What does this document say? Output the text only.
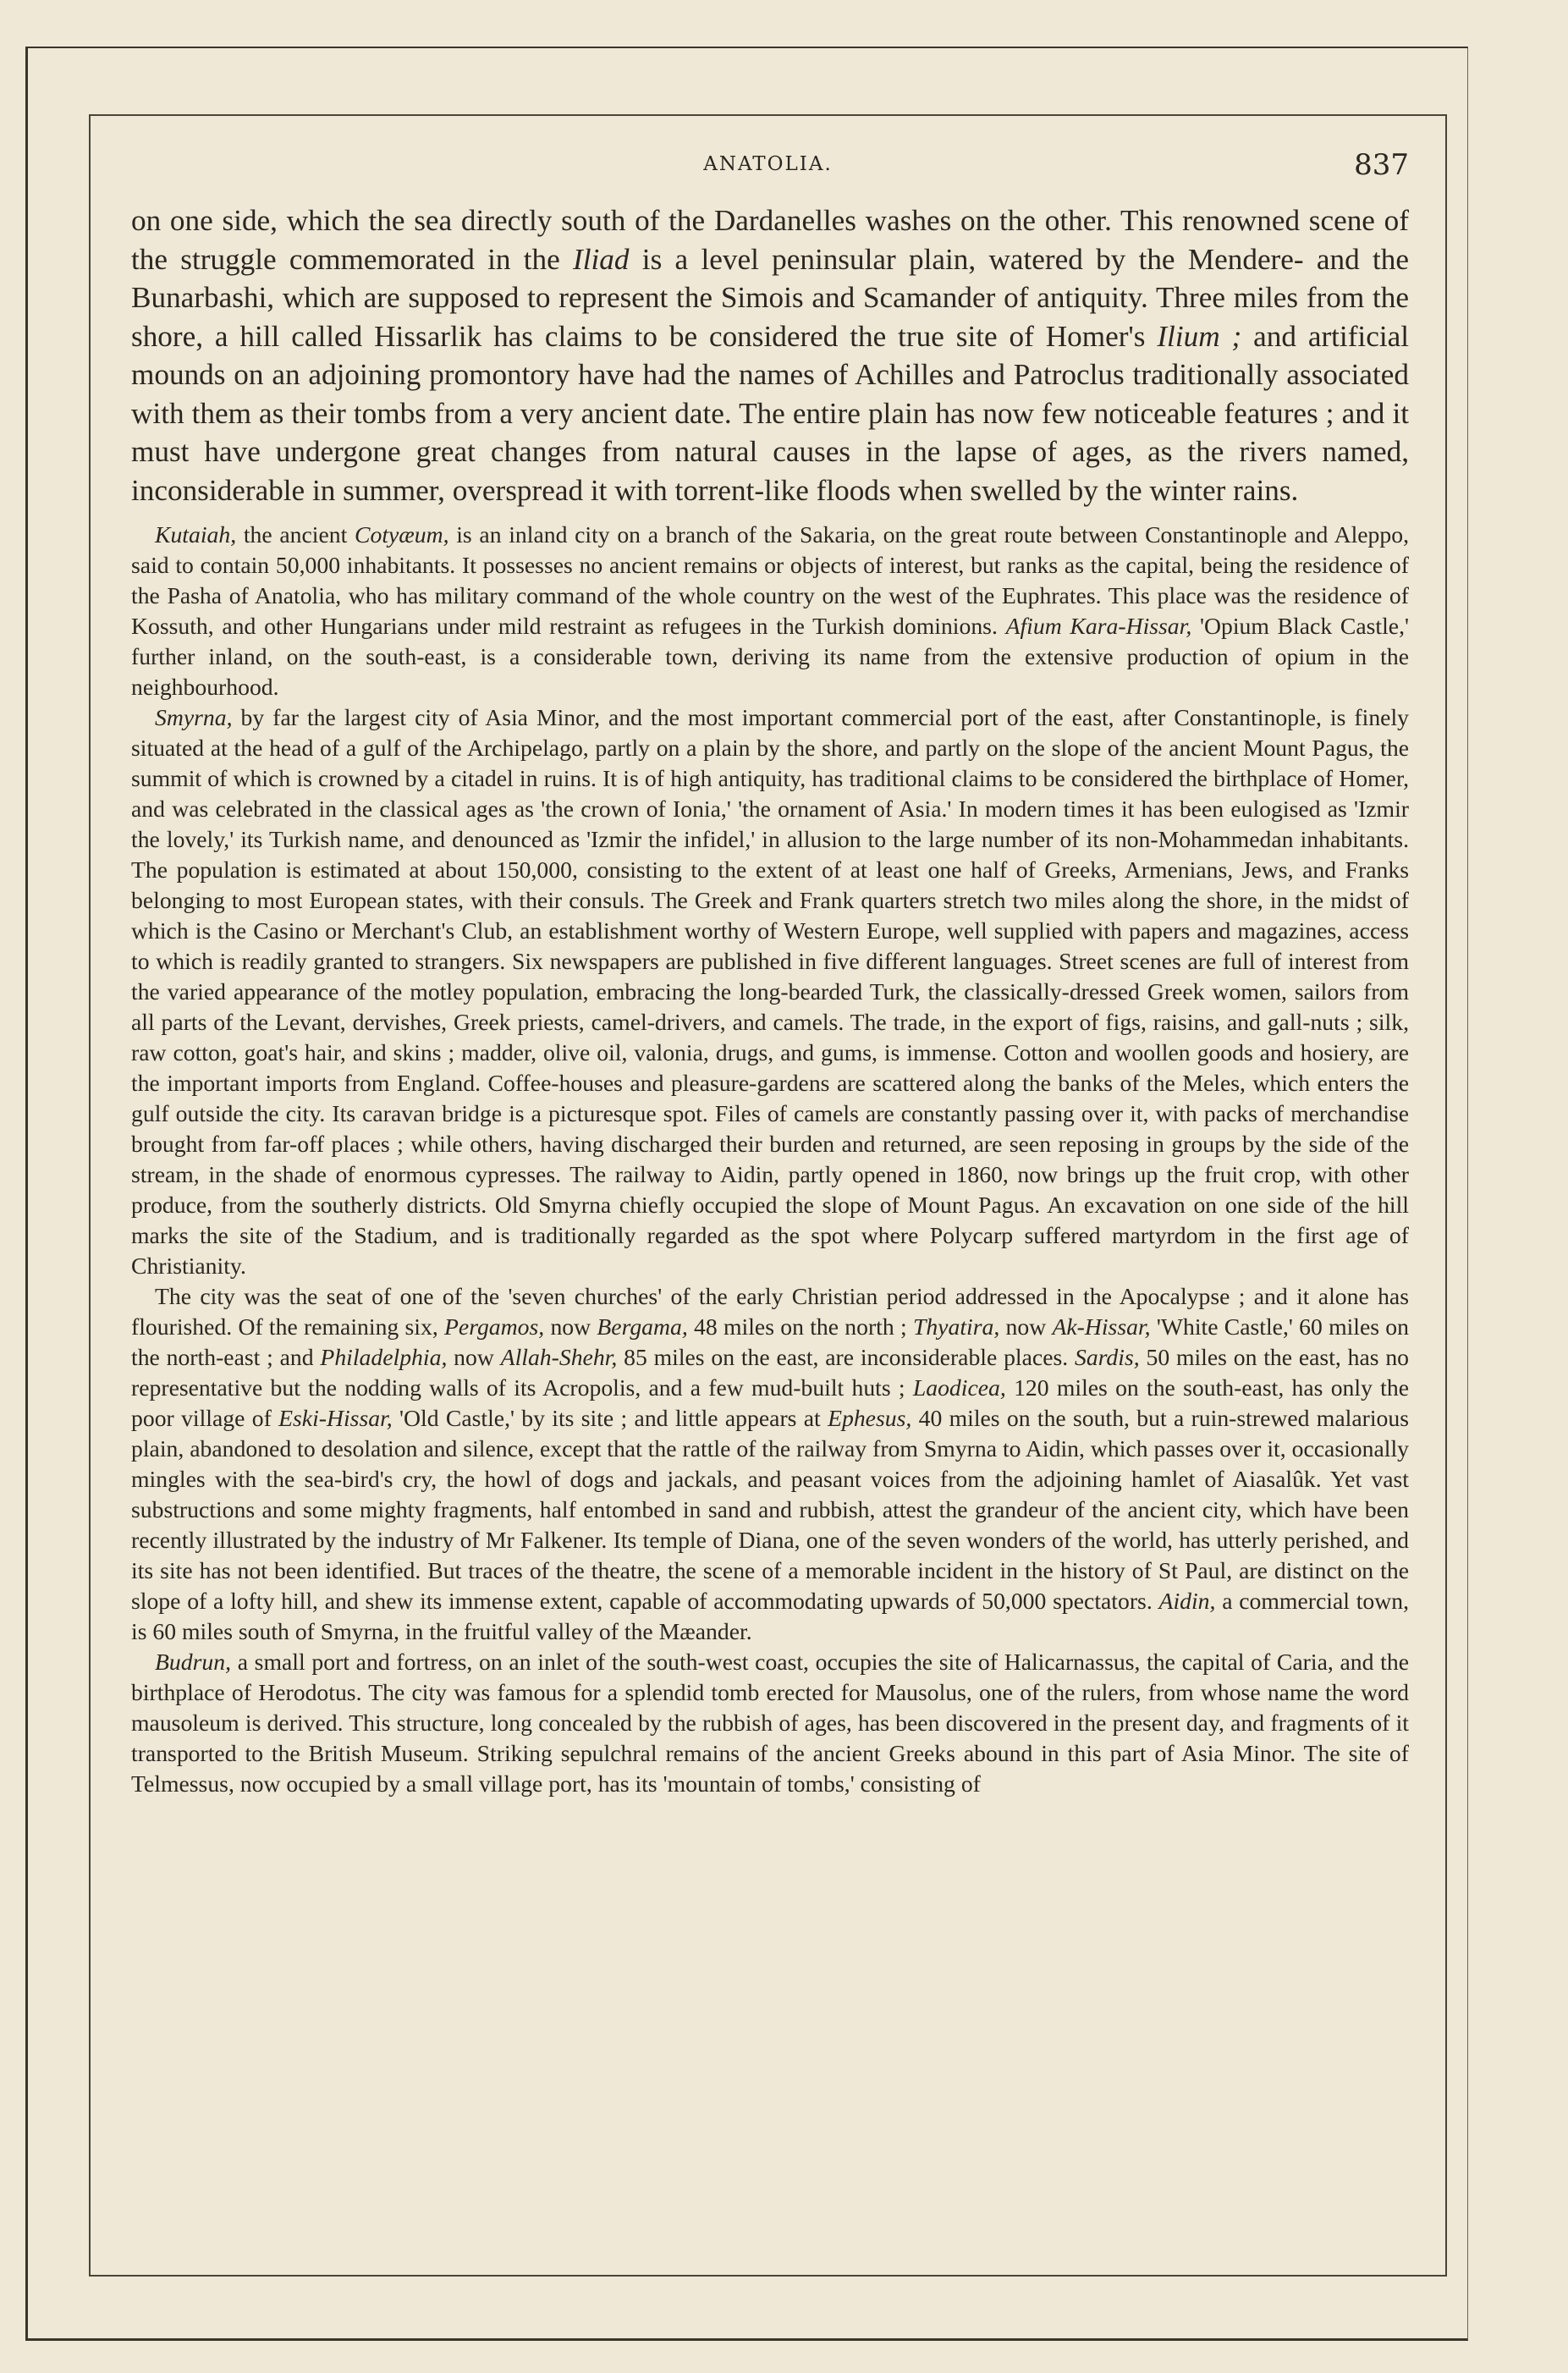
ANATOLIA.	837

on one side, which the sea directly south of the Dardanelles washes on the other. This renowned scene of the struggle commemorated in the Iliad is a level peninsular plain, watered by the Mendere- and the Bunarbashi, which are supposed to represent the Simois and Scamander of antiquity. Three miles from the shore, a hill called Hissarlik has claims to be considered the true site of Homer's Ilium ; and artificial mounds on an adjoining promontory have had the names of Achilles and Patroclus traditionally associated with them as their tombs from a very ancient date. The entire plain has now few noticeable features ; and it must have undergone great changes from natural causes in the lapse of ages, as the rivers named, inconsiderable in summer, overspread it with torrent-like floods when swelled by the winter rains.

Kutaiah, the ancient Cotyæum, is an inland city on a branch of the Sakaria, on the great route between Constantinople and Aleppo, said to contain 50,000 inhabitants. It possesses no ancient remains or objects of interest, but ranks as the capital, being the residence of the Pasha of Anatolia, who has military command of the whole country on the west of the Euphrates. This place was the residence of Kossuth, and other Hungarians under mild restraint as refugees in the Turkish dominions. Afium Kara-Hissar, 'Opium Black Castle,' further inland, on the south-east, is a considerable town, deriving its name from the extensive production of opium in the neighbourhood.

Smyrna, by far the largest city of Asia Minor, and the most important commercial port of the east, after Constantinople, is finely situated at the head of a gulf of the Archipelago, partly on a plain by the shore, and partly on the slope of the ancient Mount Pagus, the summit of which is crowned by a citadel in ruins. It is of high antiquity, has traditional claims to be considered the birthplace of Homer, and was celebrated in the classical ages as 'the crown of Ionia,' 'the ornament of Asia.' In modern times it has been eulogised as 'Izmir the lovely,' its Turkish name, and denounced as 'Izmir the infidel,' in allusion to the large number of its non-Mohammedan inhabitants. The population is estimated at about 150,000, consisting to the extent of at least one half of Greeks, Armenians, Jews, and Franks belonging to most European states, with their consuls. The Greek and Frank quarters stretch two miles along the shore, in the midst of which is the Casino or Merchant's Club, an establishment worthy of Western Europe, well supplied with papers and magazines, access to which is readily granted to strangers. Six newspapers are published in five different languages. Street scenes are full of interest from the varied appearance of the motley population, embracing the long-bearded Turk, the classically-dressed Greek women, sailors from all parts of the Levant, dervishes, Greek priests, camel-drivers, and camels. The trade, in the export of figs, raisins, and gall-nuts ; silk, raw cotton, goat's hair, and skins ; madder, olive oil, valonia, drugs, and gums, is immense. Cotton and woollen goods and hosiery, are the important imports from England. Coffee-houses and pleasure-gardens are scattered along the banks of the Meles, which enters the gulf outside the city. Its caravan bridge is a picturesque spot. Files of camels are constantly passing over it, with packs of merchandise brought from far-off places ; while others, having discharged their burden and returned, are seen reposing in groups by the side of the stream, in the shade of enormous cypresses. The railway to Aidin, partly opened in 1860, now brings up the fruit crop, with other produce, from the southerly districts. Old Smyrna chiefly occupied the slope of Mount Pagus. An excavation on one side of the hill marks the site of the Stadium, and is traditionally regarded as the spot where Polycarp suffered martyrdom in the first age of Christianity.

The city was the seat of one of the 'seven churches' of the early Christian period addressed in the Apocalypse ; and it alone has flourished. Of the remaining six, Pergamos, now Bergama, 48 miles on the north ; Thyatira, now Ak-Hissar, 'White Castle,' 60 miles on the north-east ; and Philadelphia, now Allah-Shehr, 85 miles on the east, are inconsiderable places. Sardis, 50 miles on the east, has no representative but the nodding walls of its Acropolis, and a few mud-built huts ; Laodicea, 120 miles on the south-east, has only the poor village of Eski-Hissar, 'Old Castle,' by its site ; and little appears at Ephesus, 40 miles on the south, but a ruin-strewed malarious plain, abandoned to desolation and silence, except that the rattle of the railway from Smyrna to Aidin, which passes over it, occasionally mingles with the sea-bird's cry, the howl of dogs and jackals, and peasant voices from the adjoining hamlet of Aiasalûk. Yet vast substructions and some mighty fragments, half entombed in sand and rubbish, attest the grandeur of the ancient city, which have been recently illustrated by the industry of Mr Falkener. Its temple of Diana, one of the seven wonders of the world, has utterly perished, and its site has not been identified. But traces of the theatre, the scene of a memorable incident in the history of St Paul, are distinct on the slope of a lofty hill, and shew its immense extent, capable of accommodating upwards of 50,000 spectators. Aidin, a commercial town, is 60 miles south of Smyrna, in the fruitful valley of the Mæander.

Budrun, a small port and fortress, on an inlet of the south-west coast, occupies the site of Halicarnassus, the capital of Caria, and the birthplace of Herodotus. The city was famous for a splendid tomb erected for Mausolus, one of the rulers, from whose name the word mausoleum is derived. This structure, long concealed by the rubbish of ages, has been discovered in the present day, and fragments of it transported to the British Museum. Striking sepulchral remains of the ancient Greeks abound in this part of Asia Minor. The site of Telmessus, now occupied by a small village port, has its 'mountain of tombs,' consisting of
